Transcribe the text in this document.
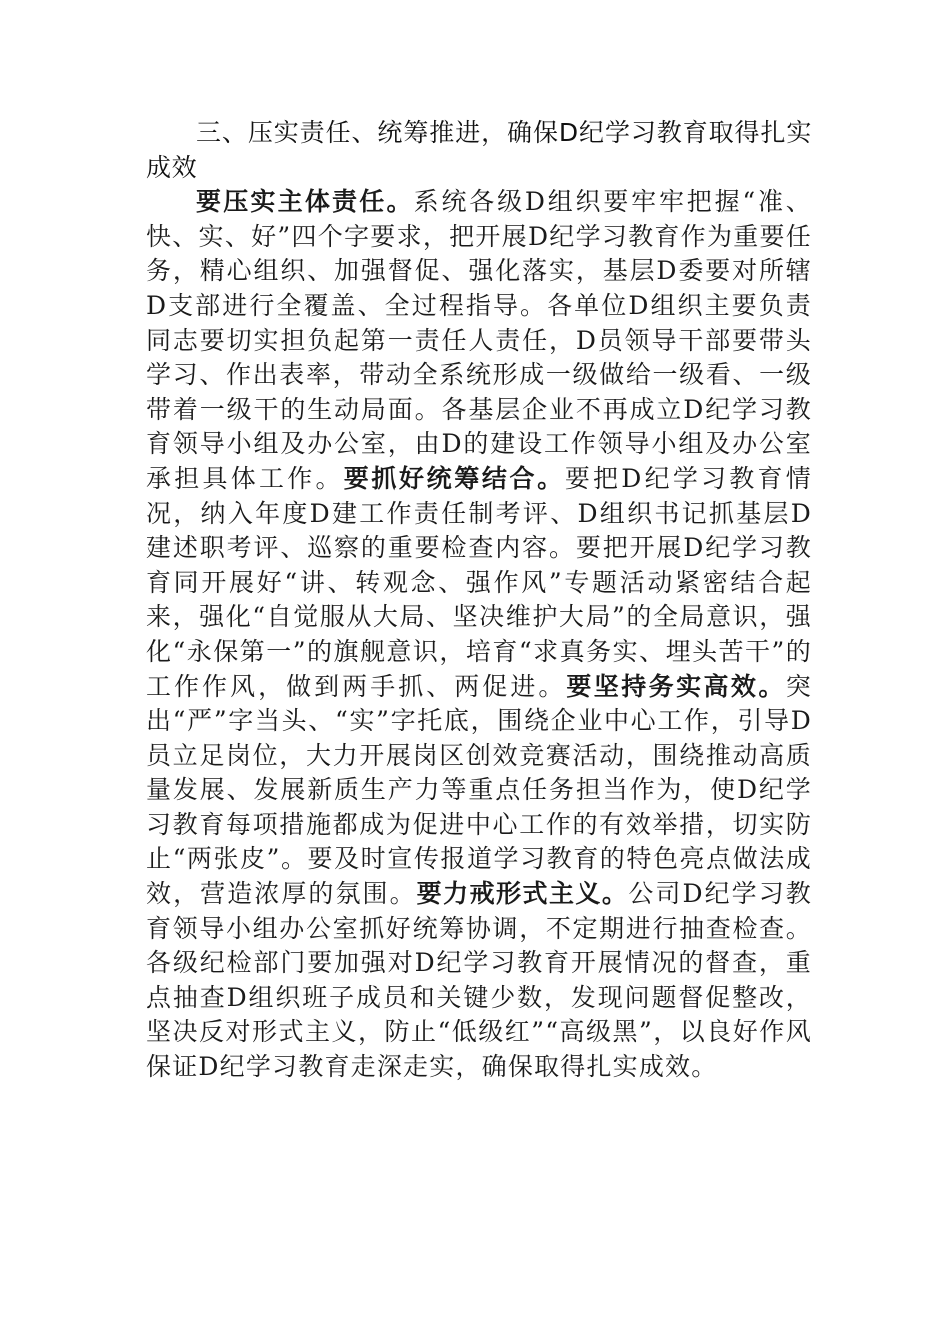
三、压实责任、统筹推进，确保D纪学习教育取得扎实成效

要压实主体责任。系统各级D组织要牢牢把握“准、快、实、好”四个字要求，把开展D纪学习教育作为重要任务，精心组织、加强督促、强化落实，基层D委要对所辖D支部进行全覆盖、全过程指导。各单位D组织主要负责同志要切实担负起第一责任人责任，D员领导干部要带头学习、作出表率，带动全系统形成一级做给一级看、一级带着一级干的生动局面。各基层企业不再成立D纪学习教育领导小组及办公室，由D的建设工作领导小组及办公室承担具体工作。要抓好统筹结合。要把D纪学习教育情况，纳入年度D建工作责任制考评、D组织书记抓基层D建述职考评、巡察的重要检查内容。要把开展D纪学习教育同开展好“讲、转观念、强作风”专题活动紧密结合起来，强化“自觉服从大局、坚决维护大局”的全局意识，强化“永保第一”的旗舰意识，培育“求真务实、埋头苦干”的工作作风，做到两手抓、两促进。要坚持务实高效。突出“严”字当头、“实”字托底，围绕企业中心工作，引导D员立足岗位，大力开展岗区创效竞赛活动，围绕推动高质量发展、发展新质生产力等重点任务担当作为，使D纪学习教育每项措施都成为促进中心工作的有效举措，切实防止“两张皮”。要及时宣传报道学习教育的特色亮点做法成效，营造浓厚的氛围。要力戒形式主义。公司D纪学习教育领导小组办公室抓好统筹协调，不定期进行抽查检查。各级纪检部门要加强对D纪学习教育开展情况的督查，重点抽查D组织班子成员和关键少数，发现问题督促整改，坚决反对形式主义，防止“低级红”“高级黑”，以良好作风保证D纪学习教育走深走实，确保取得扎实成效。
